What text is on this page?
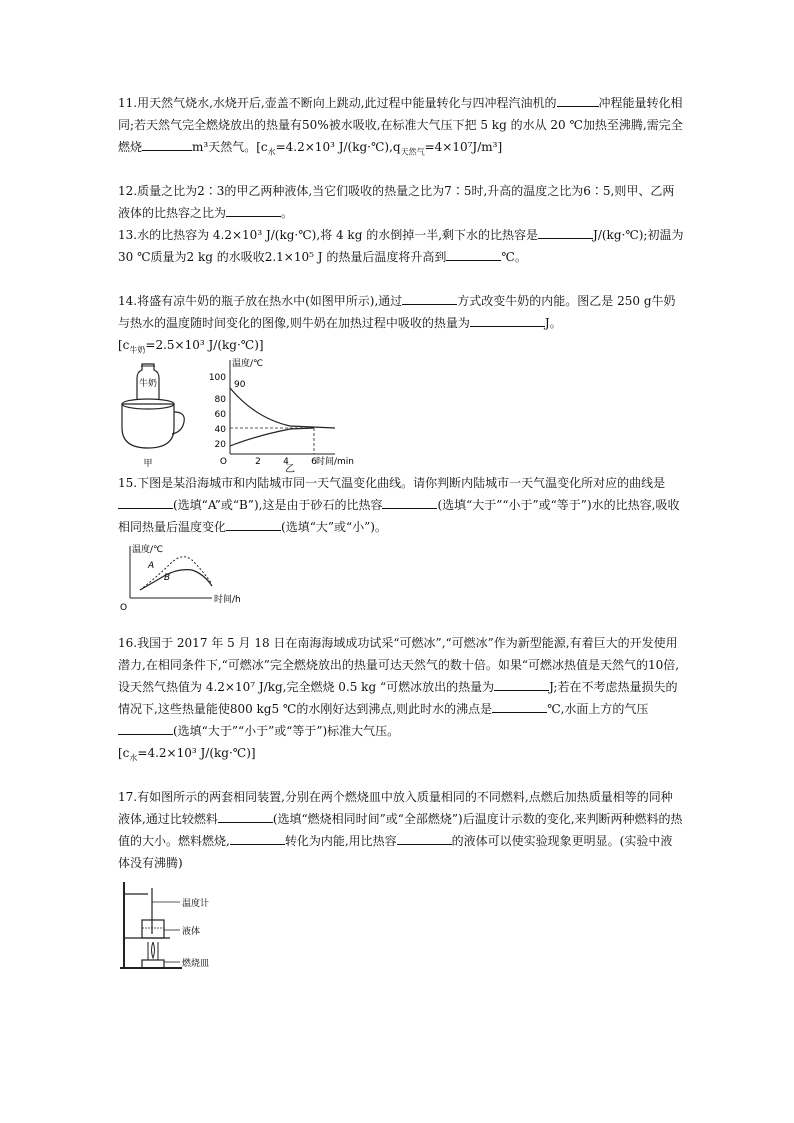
11.用天然气烧水,水烧开后,壶盖不断向上跳动,此过程中能量转化与四冲程汽油机的	冲程能量转化相同;若天然气完全燃烧放出的热量有50%被水吸收,在标准大气压下把 5 kg 的水从 20 ℃加热至沸腾,需完全燃烧	m³天然气。[$c_水=4.2\times 10^3$ $J/(kg\cdot℃),q_{天然气}=4\times 10^7J/m^3$]
12.质量之比为2∶3的甲乙两种液体,当它们吸收的热量之比为7∶5时,升高的温度之比为6∶5,则甲、乙两液体的比热容之比为	。
13.水的比热容为 4.2×10³ J/(kg·℃),将 4 kg 的水倒掉一半,剩下水的比热容是	J/(kg·℃);初温为30 ℃质量为2 kg 的水吸收2.1×10⁵ J 的热量后温度将升高到	℃。
14.将盛有凉牛奶的瓶子放在热水中(如图甲所示),通过	方式改变牛奶的内能。图乙是 250 g牛奶与热水的温度随时间变化的图像,则牛奶在加热过程中吸收的热量为	J。
[$c_{牛奶}=2.5\times 10^3$ J/(kg·℃)]
牛奶
甲
温度/℃
时间/min
100
90
80
60
40
20
O	2 4 6
乙
15.下图是某沿海城市和内陆城市同一天气温变化曲线。请你判断内陆城市一天气温变化所对应的曲线是(选填“A”或“B”),这是由于砂石的比热容	(选填“大于”“小于”或“等于”)水的比热容,吸收相同热量后温度变化	(选填“大”或“小”)。
温度/℃
时间/h
O
A
B
16.我国于 2017 年 5 月 18 日在南海海域成功试采“可燃冰”,“可燃冰”作为新型能源,有着巨大的开发使用潜力,在相同条件下,“可燃冰”完全燃烧放出的热量可达天然气的数十倍。如果“可燃冰热值是天然气的10倍,设天然气热值为 4.2×10⁷ J/kg,完全燃烧 0.5 kg “可燃冰放出的热量为	J;若在不考虑热量损失的情况下,这些热量能使800 kg5 ℃的水刚好达到沸点,则此时水的沸点是	℃,水面上方的气压(选填“大于”“小于”或“等于”)标准大气压。
[$c_水=4.2\times 10^3$ J/(kg·℃)]
17.有如图所示的两套相同装置,分别在两个燃烧皿中放入质量相同的不同燃料,点燃后加热质量相等的同种液体,通过比较燃料	(选填“燃烧相同时间”或“全部燃烧”)后温度计示数的变化,来判断两种燃料的热值的大小。燃料燃烧,	转化为内能,用比热容	的液体可以使实验现象更明显。(实验中液体没有沸腾)
温度计
液体
燃烧皿
